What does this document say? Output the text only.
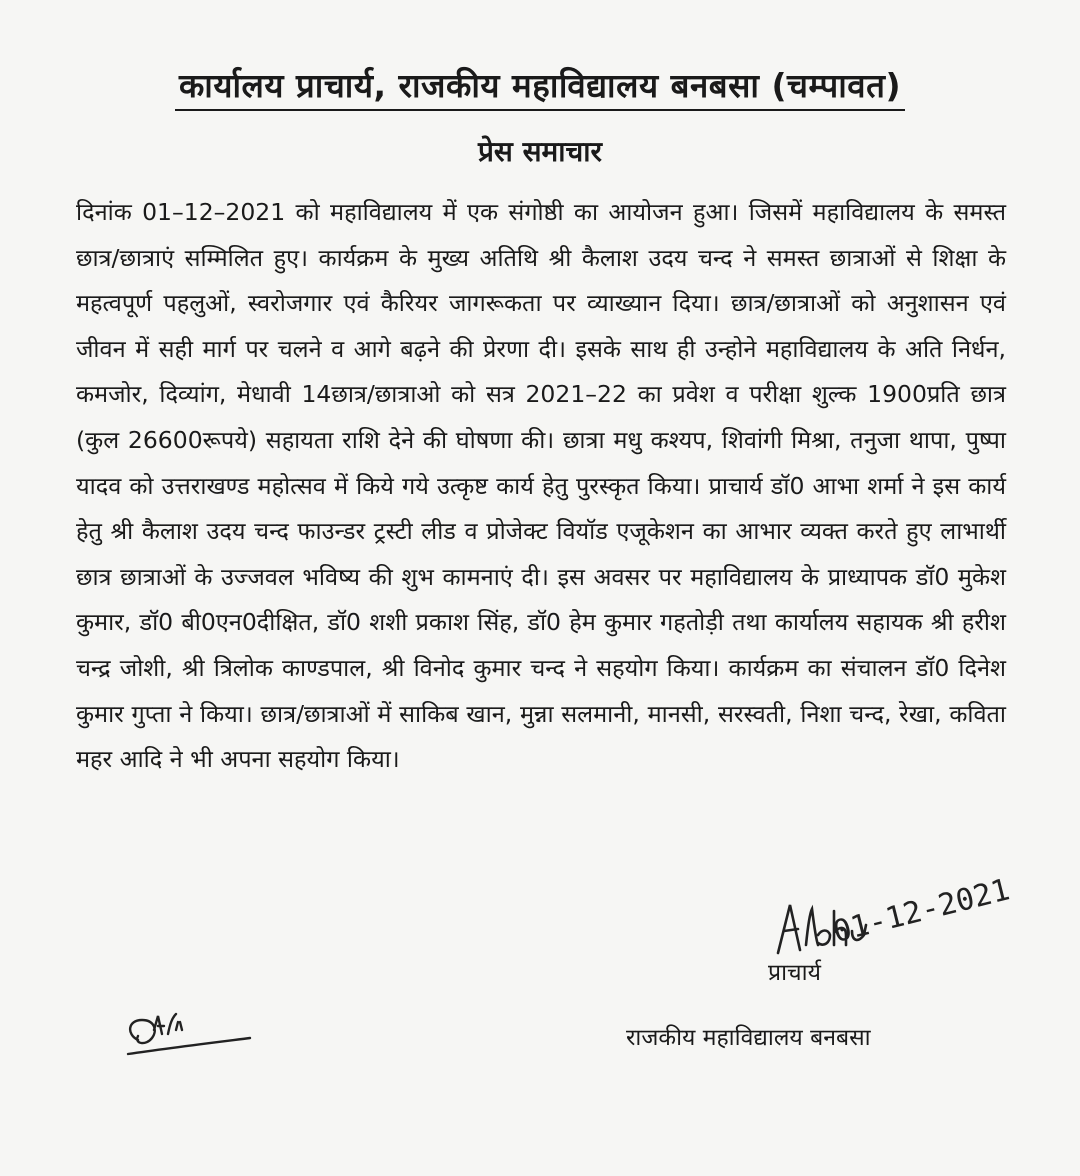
कार्यालय प्राचार्य, राजकीय महाविद्यालय बनबसा (चम्पावत)
प्रेस समाचार

दिनांक 01–12–2021 को महाविद्यालय में एक संगोष्ठी का आयोजन हुआ। जिसमें महाविद्यालय के समस्त छात्र/छात्राएं सम्मिलित हुए। कार्यक्रम के मुख्य अतिथि श्री कैलाश उदय चन्द ने समस्त छात्राओं से शिक्षा के महत्वपूर्ण पहलुओं, स्वरोजगार एवं कैरियर जागरूकता पर व्याख्यान दिया। छात्र/छात्राओं को अनुशासन एवं जीवन में सही मार्ग पर चलने व आगे बढ़ने की प्रेरणा दी। इसके साथ ही उन्होने महाविद्यालय के अति निर्धन, कमजोर, दिव्यांग, मेधावी 14छात्र/छात्राओ को सत्र 2021–22 का प्रवेश व परीक्षा शुल्क 1900प्रति छात्र (कुल 26600रूपये) सहायता राशि देने की घोषणा की। छात्रा मधु कश्यप, शिवांगी मिश्रा, तनुजा थापा, पुष्पा यादव को उत्तराखण्ड महोत्सव में किये गये उत्कृष्ट कार्य हेतु पुरस्कृत किया। प्राचार्य डॉ0 आभा शर्मा ने इस कार्य हेतु श्री कैलाश उदय चन्द फाउन्डर ट्रस्टी लीड व प्रोजेक्ट वियॉड एजूकेशन का आभार व्यक्त करते हुए लाभार्थी छात्र छात्राओं के उज्जवल भविष्य की शुभ कामनाएं दी। इस अवसर पर महाविद्यालय के प्राध्यापक डॉ0 मुकेश कुमार, डॉ0 बी0एन0दीक्षित, डॉ0 शशी प्रकाश सिंह, डॉ0 हेम कुमार गहतोड़ी तथा कार्यालय सहायक श्री हरीश चन्द्र जोशी, श्री त्रिलोक काण्डपाल, श्री विनोद कुमार चन्द ने सहयोग किया। कार्यक्रम का संचालन डॉ0 दिनेश कुमार गुप्ता ने किया। छात्र/छात्राओं में साकिब खान, मुन्ना सलमानी, मानसी, सरस्वती, निशा चन्द, रेखा, कविता महर आदि ने भी अपना सहयोग किया।

01-12-2021

प्राचार्य

राजकीय महाविद्यालय बनबसा
